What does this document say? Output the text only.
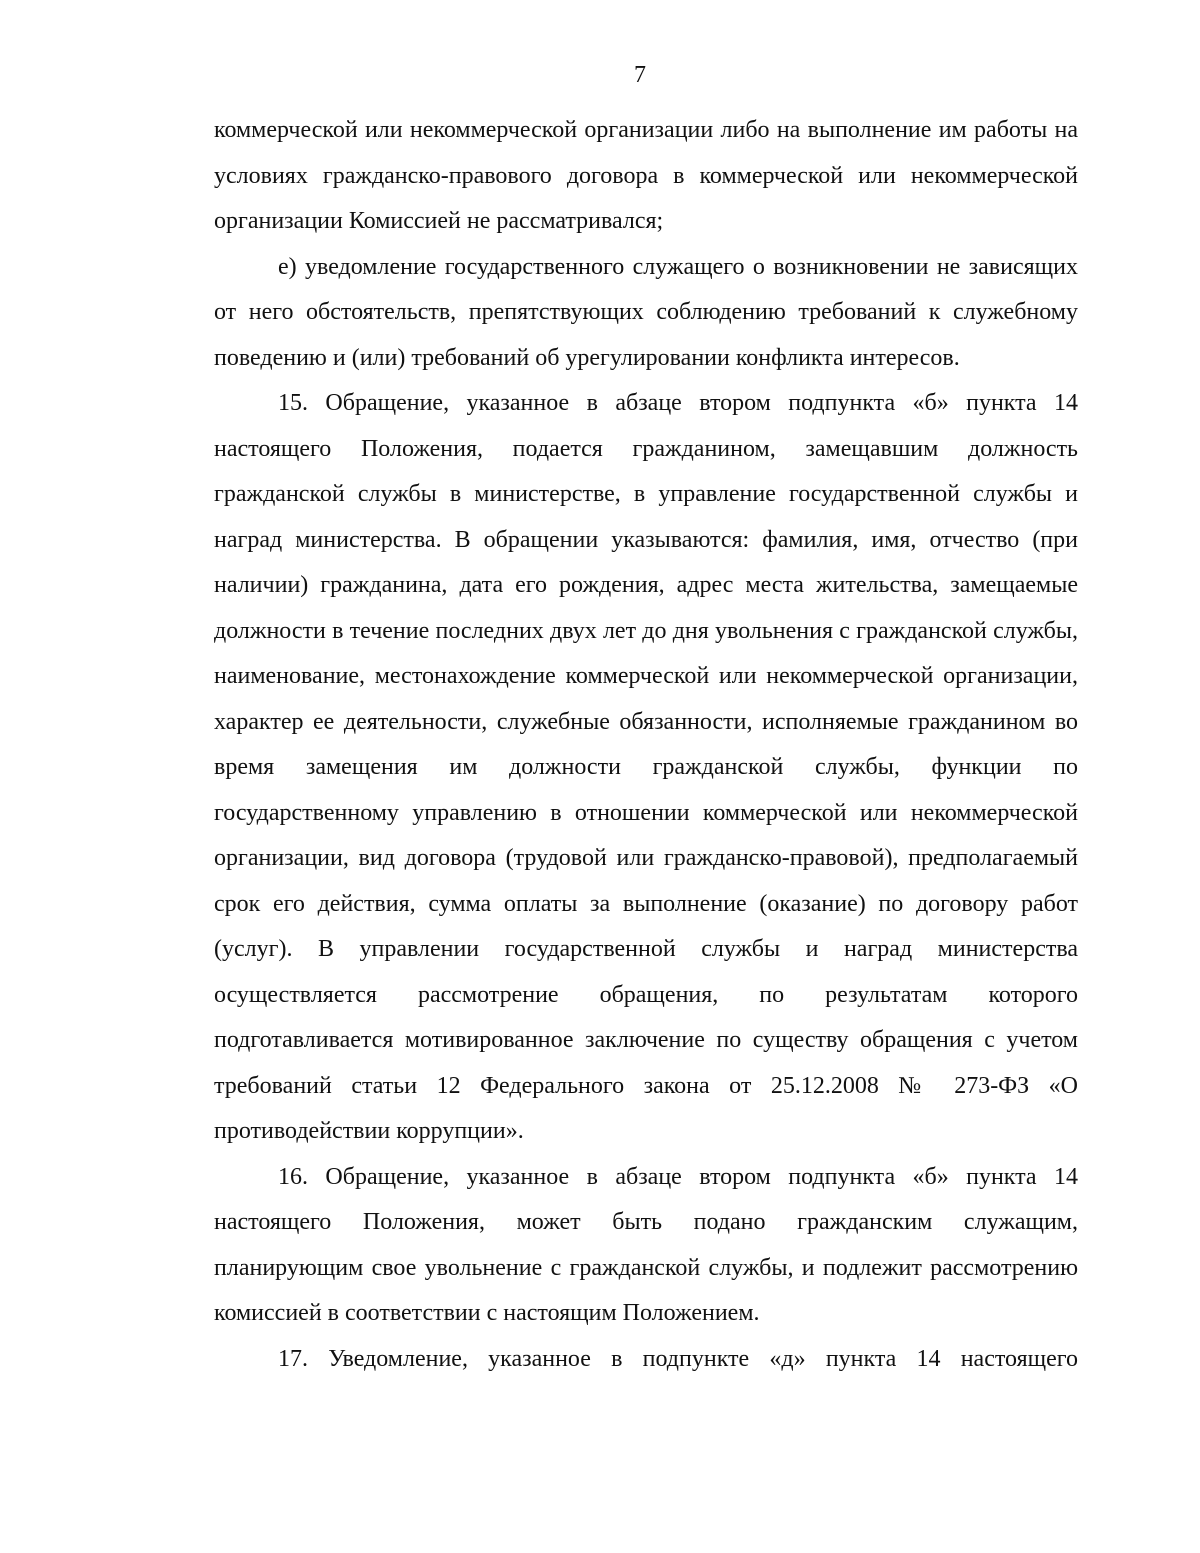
7

коммерческой или некоммерческой организации либо на выполнение им работы на условиях гражданско-правового договора в коммерческой или некоммерческой организации Комиссией не рассматривался;

е) уведомление государственного служащего о возникновении не зависящих от него обстоятельств, препятствующих соблюдению требований к служебному поведению и (или) требований об урегулировании конфликта интересов.

15. Обращение, указанное в абзаце втором подпункта «б» пункта 14 настоящего Положения, подается гражданином, замещавшим должность гражданской службы в министерстве, в управление государственной службы и наград министерства. В обращении указываются: фамилия, имя, отчество (при наличии) гражданина, дата его рождения, адрес места жительства, замещаемые должности в течение последних двух лет до дня увольнения с гражданской службы, наименование, местонахождение коммерческой или некоммерческой организации, характер ее деятельности, служебные обязанности, исполняемые гражданином во время замещения им должности гражданской службы, функции по государственному управлению в отношении коммерческой или некоммерческой организации, вид договора (трудовой или гражданско-правовой), предполагаемый срок его действия, сумма оплаты за выполнение (оказание) по договору работ (услуг). В управлении государственной службы и наград министерства осуществляется рассмотрение обращения, по результатам которого подготавливается мотивированное заключение по существу обращения с учетом требований статьи 12 Федерального закона от 25.12.2008 № 273-ФЗ «О противодействии коррупции».

16. Обращение, указанное в абзаце втором подпункта «б» пункта 14 настоящего Положения, может быть подано гражданским служащим, планирующим свое увольнение с гражданской службы, и подлежит рассмотрению комиссией в соответствии с настоящим Положением.

17. Уведомление, указанное в подпункте «д» пункта 14 настоящего
